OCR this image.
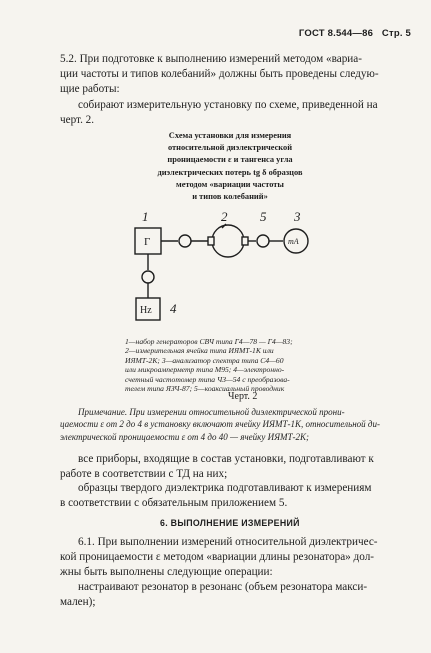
ГОСТ 8.544—86 Стр. 5
5.2. При подготовке к выполнению измерений методом «вариа-
ции частоты и типов колебаний» должны быть проведены следую-
щие работы:
собирают измерительную установку по схеме, приведенной на
черт. 2.
Схема установки для измерения
относительной диэлектрической
проницаемости ε и тангенса угла
диэлектрических потерь tg δ образцов
методом «вариации частоты
и типов колебаний»
1	2	5 3
Г
Hz 4
mA
1—набор генераторов СВЧ типа Г4—78 — Г4—83;
2—измерительная ячейка типа ИЯМТ-1К или
ИЯМТ-2К; 3—анализатор спектра типа С4—60
или микроамперметр типа М95; 4—электронно-
счетный частотомер типа ЧЗ—54 с преобразова-
телем типа ЯЗЧ-87; 5—коаксиальный проводник
Черт. 2
Примечание. При измерении относительной диэлектрической прони-
цаемости ε от 2 до 4 в установку включают ячейку ИЯМТ-1К, относительной ди-
электрической проницаемости ε от 4 до 40 — ячейку ИЯМТ-2К;
все приборы, входящие в состав установки, подготавливают к
работе в соответствии с ТД на них;
образцы твердого диэлектрика подготавливают к измерениям
в соответствии с обязательным приложением 5.
6. ВЫПОЛНЕНИЕ ИЗМЕРЕНИЙ
6.1. При выполнении измерений относительной диэлектричес-
кой проницаемости ε методом «вариации длины резонатора» дол-
жны быть выполнены следующие операции:
настраивают резонатор в резонанс (объем резонатора макси-
мален);
